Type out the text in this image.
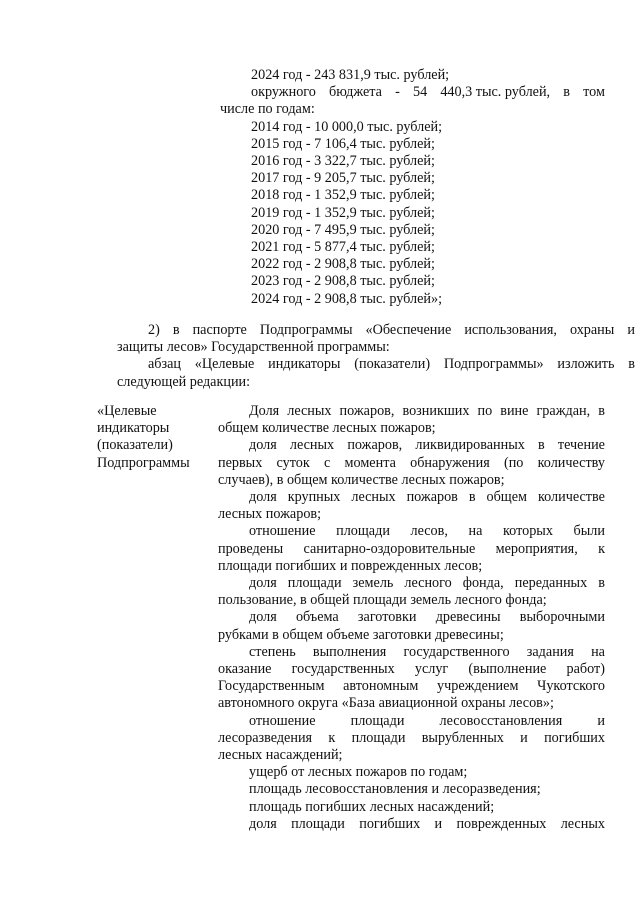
2024 год - 243 831,9 тыс. рублей;
окружного бюджета - 54 440,3 тыс. рублей, в том
числе по годам:
2014 год - 10 000,0 тыс. рублей;
2015 год - 7 106,4 тыс. рублей;
2016 год - 3 322,7 тыс. рублей;
2017 год - 9 205,7 тыс. рублей;
2018 год - 1 352,9 тыс. рублей;
2019 год - 1 352,9 тыс. рублей;
2020 год - 7 495,9 тыс. рублей;
2021 год - 5 877,4 тыс. рублей;
2022 год - 2 908,8 тыс. рублей;
2023 год - 2 908,8 тыс. рублей;
2024 год - 2 908,8 тыс. рублей»;
2) в паспорте Подпрограммы «Обеспечение использования, охраны и
защиты лесов» Государственной программы:
абзац «Целевые индикаторы (показатели) Подпрограммы» изложить в
следующей редакции:
«Целевые
индикаторы
(показатели)
Подпрограммы
Доля лесных пожаров, возникших по вине граждан, в
общем количестве лесных пожаров;
доля лесных пожаров, ликвидированных в течение
первых суток с момента обнаружения (по количеству
случаев), в общем количестве лесных пожаров;
доля крупных лесных пожаров в общем количестве
лесных пожаров;
отношение площади лесов, на которых были
проведены санитарно-оздоровительные мероприятия, к
площади погибших и поврежденных лесов;
доля площади земель лесного фонда, переданных в
пользование, в общей площади земель лесного фонда;
доля объема заготовки древесины выборочными
рубками в общем объеме заготовки древесины;
степень выполнения государственного задания на
оказание государственных услуг (выполнение работ)
Государственным автономным учреждением Чукотского
автономного округа «База авиационной охраны лесов»;
отношение площади лесовосстановления и
лесоразведения к площади вырубленных и погибших
лесных насаждений;
ущерб от лесных пожаров по годам;
площадь лесовосстановления и лесоразведения;
площадь погибших лесных насаждений;
доля площади погибших и поврежденных лесных
